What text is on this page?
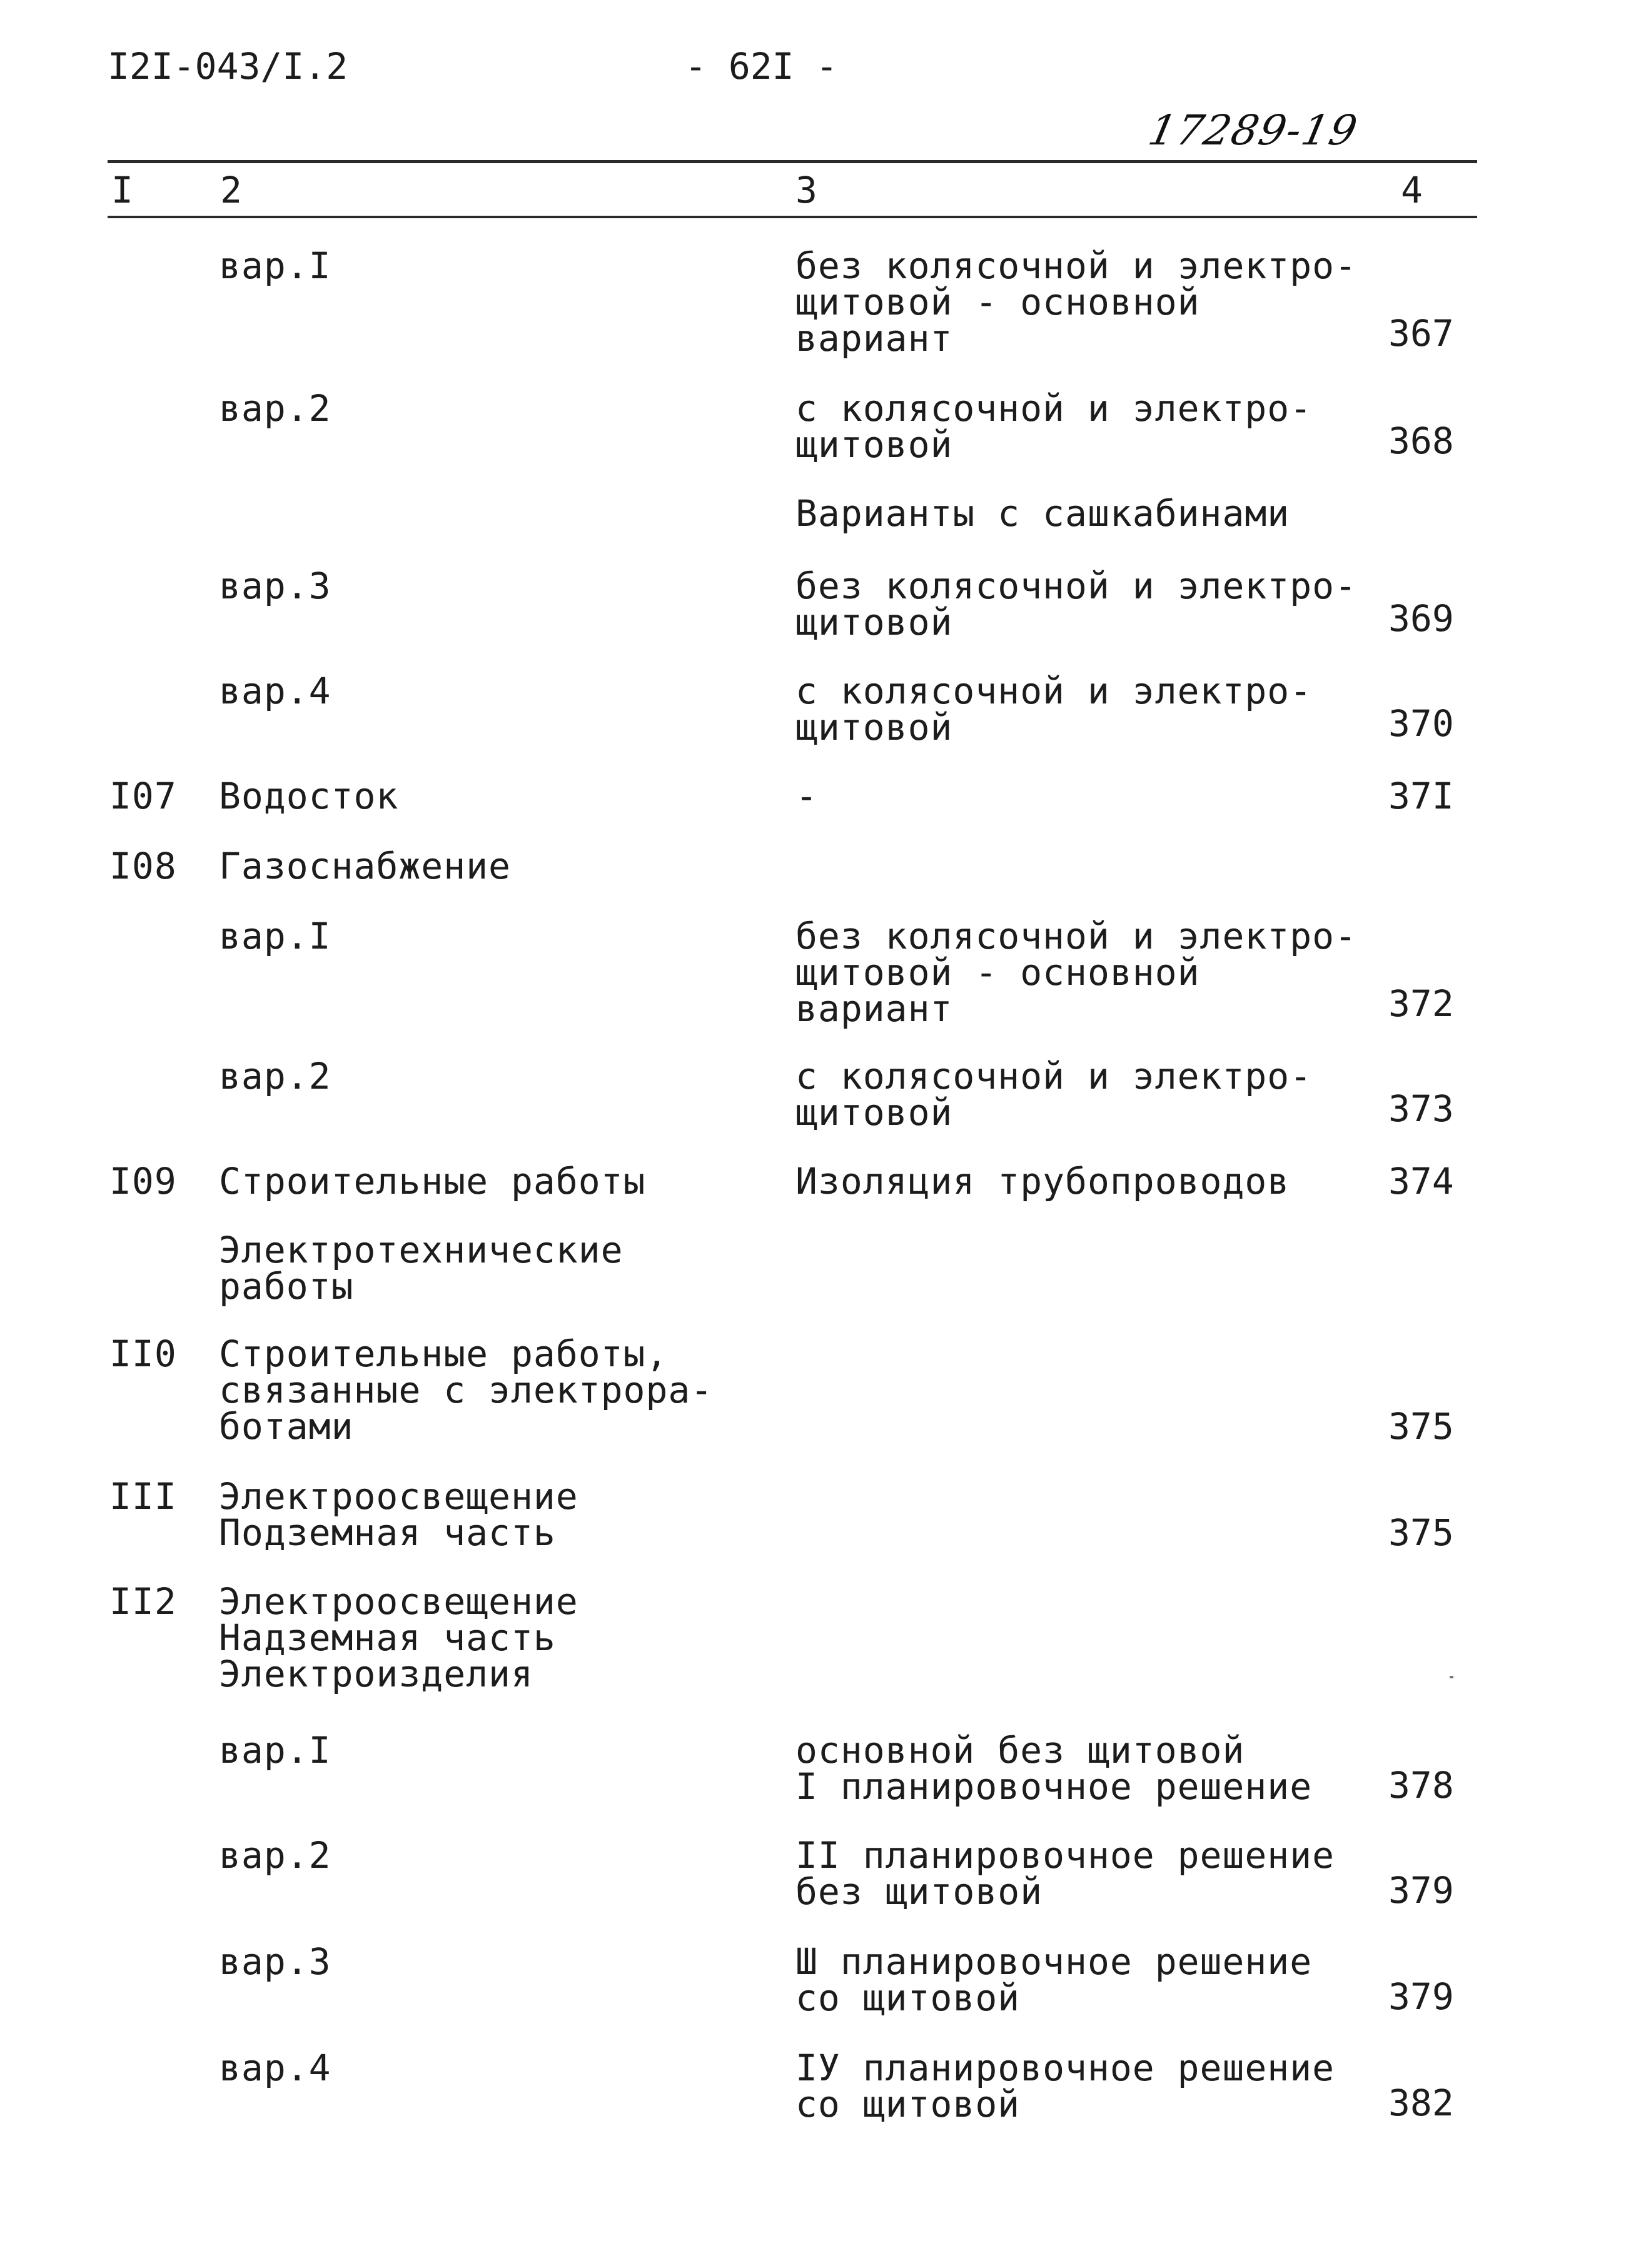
I2I-043/I.2	- 62I -
17289-19
I 2	3	4
вар.I	без колясочной и электро-
щитовой - основной
вариант	367
вар.2	с колясочной и электро-
щитовой	368
Варианты с сашкабинами
вар.3	без колясочной и электро-
щитовой	369
вар.4	с колясочной и электро-
щитовой	370
I07 Водосток	-	37I
I08 Газоснабжение
вар.I	без колясочной и электро-
щитовой - основной
вариант	372
вар.2	с колясочной и электро-
щитовой	373
I09 Строительные работы	Изоляция трубопроводов	374
Электротехнические
работы
II0 Строительные работы,
связанные с электрора-
ботами	375
III Электроосвещение
Подземная часть	375
II2 Электроосвещение
Надземная часть
Электроизделия
вар.I	основной без щитовой
I планировочное решение 378
вар.2	II планировочное решение
без щитовой	379
вар.3	Ш планировочное решение
со щитовой	379
вар.4	IУ планировочное решение
со щитовой	382
